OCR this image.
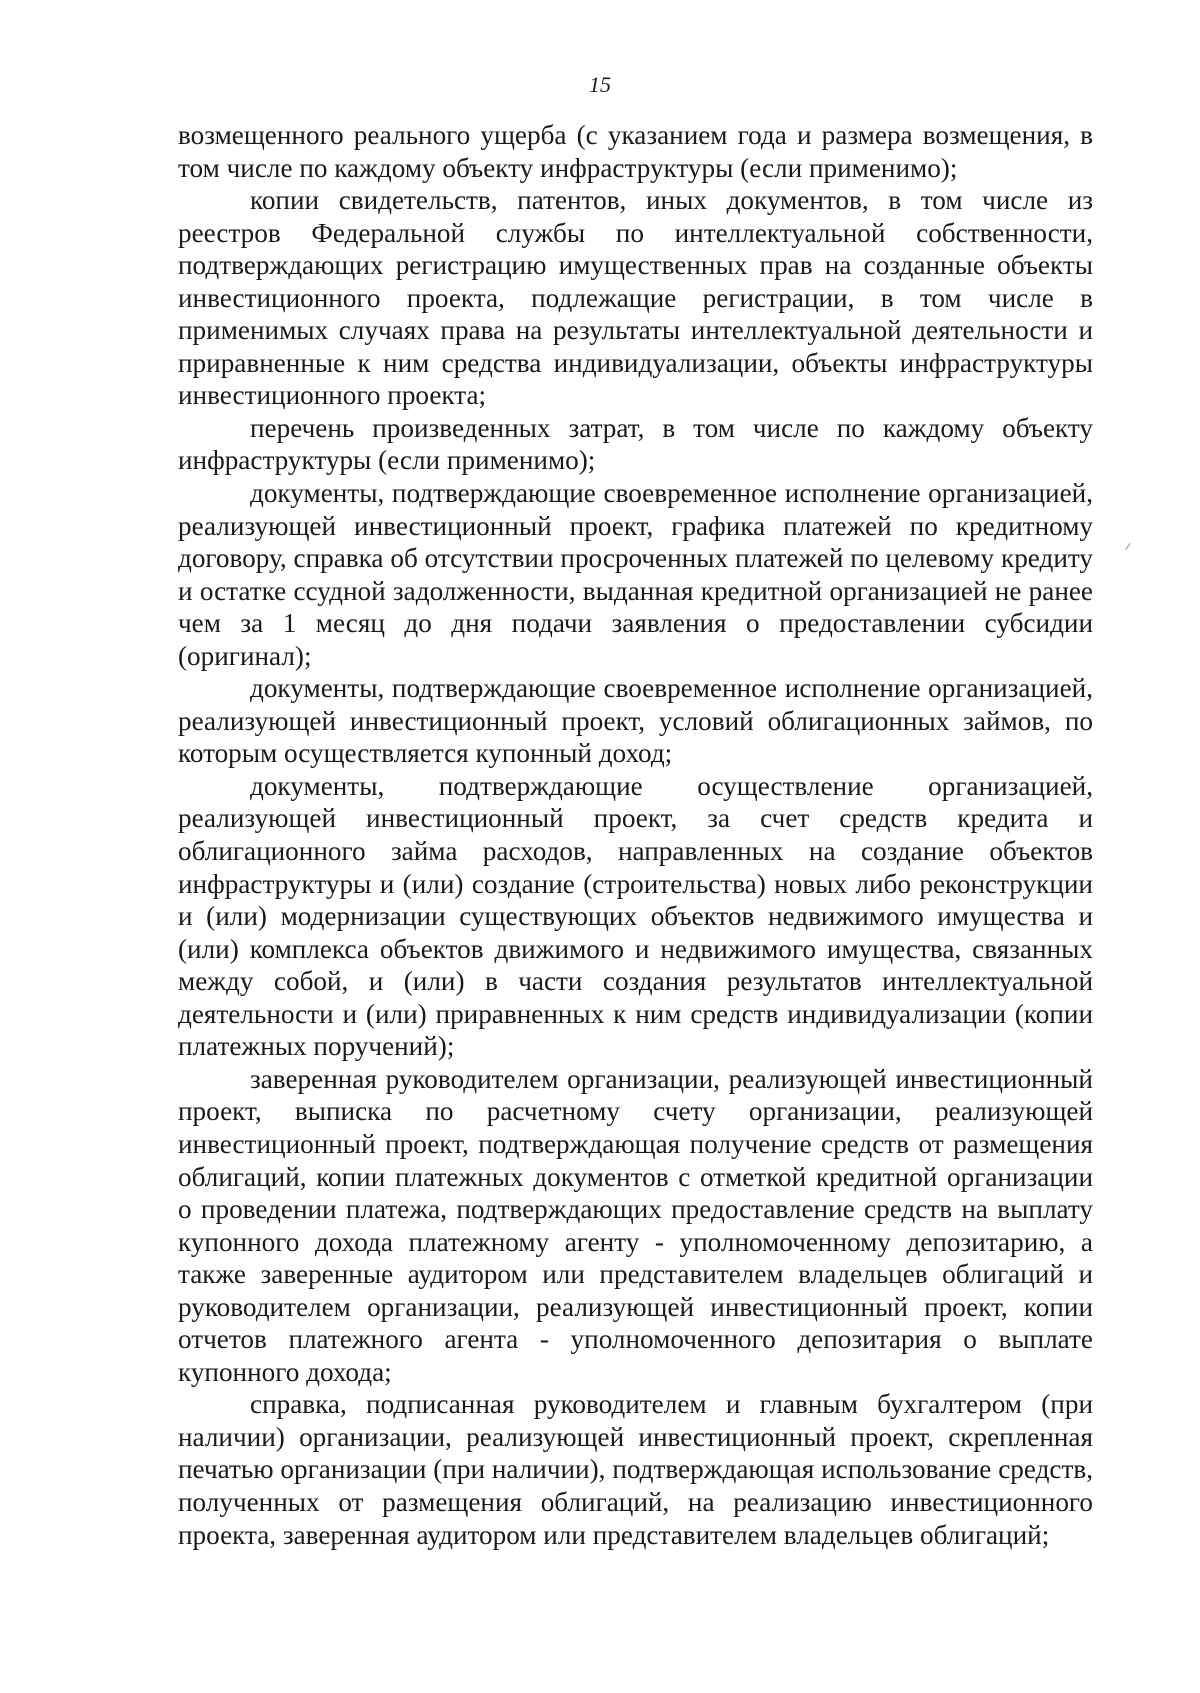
15

возмещенного реального ущерба (с указанием года и размера возмещения, в том числе по каждому объекту инфраструктуры (если применимо);

копии свидетельств, патентов, иных документов, в том числе из реестров Федеральной службы по интеллектуальной собственности, подтверждающих регистрацию имущественных прав на созданные объекты инвестиционного проекта, подлежащие регистрации, в том числе в применимых случаях права на результаты интеллектуальной деятельности и приравненные к ним средства индивидуализации, объекты инфраструктуры инвестиционного проекта;

перечень произведенных затрат, в том числе по каждому объекту инфраструктуры (если применимо);

документы, подтверждающие своевременное исполнение организацией, реализующей инвестиционный проект, графика платежей по кредитному договору, справка об отсутствии просроченных платежей по целевому кредиту и остатке ссудной задолженности, выданная кредитной организацией не ранее чем за 1 месяц до дня подачи заявления о предоставлении субсидии (оригинал);

документы, подтверждающие своевременное исполнение организацией, реализующей инвестиционный проект, условий облигационных займов, по которым осуществляется купонный доход;

документы, подтверждающие осуществление организацией, реализующей инвестиционный проект, за счет средств кредита и облигационного займа расходов, направленных на создание объектов инфраструктуры и (или) создание (строительства) новых либо реконструкции и (или) модернизации существующих объектов недвижимого имущества и (или) комплекса объектов движимого и недвижимого имущества, связанных между собой, и (или) в части создания результатов интеллектуальной деятельности и (или) приравненных к ним средств индивидуализации (копии платежных поручений);

заверенная руководителем организации, реализующей инвестиционный проект, выписка по расчетному счету организации, реализующей инвестиционный проект, подтверждающая получение средств от размещения облигаций, копии платежных документов с отметкой кредитной организации о проведении платежа, подтверждающих предоставление средств на выплату купонного дохода платежному агенту - уполномоченному депозитарию, а также заверенные аудитором или представителем владельцев облигаций и руководителем организации, реализующей инвестиционный проект, копии отчетов платежного агента - уполномоченного депозитария о выплате купонного дохода;

справка, подписанная руководителем и главным бухгалтером (при наличии) организации, реализующей инвестиционный проект, скрепленная печатью организации (при наличии), подтверждающая использование средств, полученных от размещения облигаций, на реализацию инвестиционного проекта, заверенная аудитором или представителем владельцев облигаций;
